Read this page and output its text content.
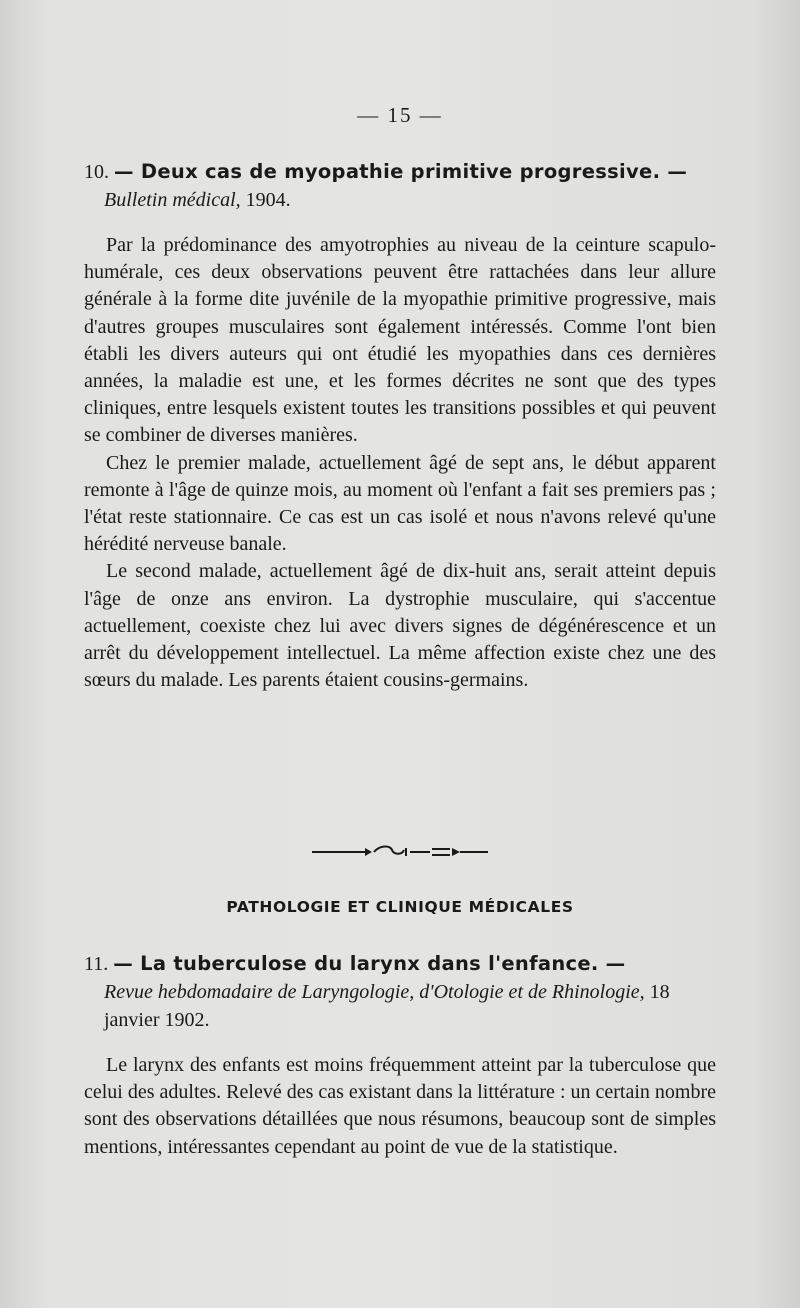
— 15 —
10. — Deux cas de myopathie primitive progressive. —
Bulletin médical, 1904.

Par la prédominance des amyotrophies au niveau de la ceinture scapulo-humérale, ces deux observations peuvent être rattachées dans leur allure générale à la forme dite juvénile de la myopathie primitive progressive, mais d'autres groupes musculaires sont également intéressés. Comme l'ont bien établi les divers auteurs qui ont étudié les myopathies dans ces dernières années, la maladie est une, et les formes décrites ne sont que des types cliniques, entre lesquels existent toutes les transitions possibles et qui peuvent se combiner de diverses manières.

Chez le premier malade, actuellement âgé de sept ans, le début apparent remonte à l'âge de quinze mois, au moment où l'enfant a fait ses premiers pas ; l'état reste stationnaire. Ce cas est un cas isolé et nous n'avons relevé qu'une hérédité nerveuse banale.

Le second malade, actuellement âgé de dix-huit ans, serait atteint depuis l'âge de onze ans environ. La dystrophie musculaire, qui s'accentue actuellement, coexiste chez lui avec divers signes de dégénérescence et un arrêt du développement intellectuel. La même affection existe chez une des sœurs du malade. Les parents étaient cousins-germains.

PATHOLOGIE ET CLINIQUE MÉDICALES
11. — La tuberculose du larynx dans l'enfance. —
Revue hebdomadaire de Laryngologie, d'Otologie et de Rhinologie, 18 janvier 1902.

Le larynx des enfants est moins fréquemment atteint par la tuberculose que celui des adultes. Relevé des cas existant dans la littérature : un certain nombre sont des observations détaillées que nous résumons, beaucoup sont de simples mentions, intéressantes cependant au point de vue de la statistique.
